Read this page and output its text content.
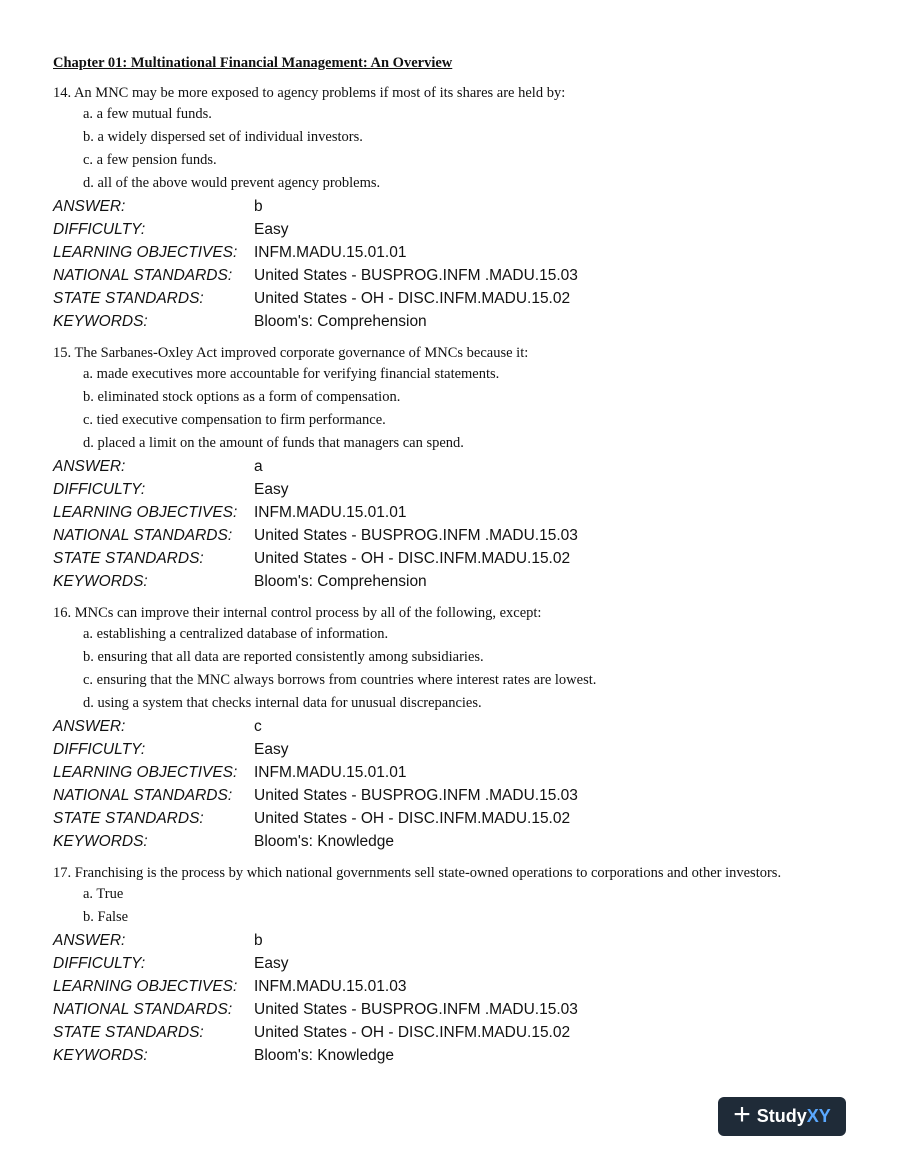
Chapter 01: Multinational Financial Management: An Overview

14. An MNC may be more exposed to agency problems if most of its shares are held by:

a. a few mutual funds.
b. a widely dispersed set of individual investors.
c. a few pension funds.
d. all of the above would prevent agency problems.
ANSWER:	b
DIFFICULTY:	Easy
LEARNING OBJECTIVES:	INFM.MADU.15.01.01
NATIONAL STANDARDS:	United States - BUSPROG.INFM .MADU.15.03
STATE STANDARDS:	United States - OH - DISC.INFM.MADU.15.02
KEYWORDS:	Bloom's: Comprehension

15. The Sarbanes-Oxley Act improved corporate governance of MNCs because it:

a. made executives more accountable for verifying financial statements.
b. eliminated stock options as a form of compensation.
c. tied executive compensation to firm performance.
d. placed a limit on the amount of funds that managers can spend.
ANSWER:	a
DIFFICULTY:	Easy
LEARNING OBJECTIVES:	INFM.MADU.15.01.01
NATIONAL STANDARDS:	United States - BUSPROG.INFM .MADU.15.03
STATE STANDARDS:	United States - OH - DISC.INFM.MADU.15.02
KEYWORDS:	Bloom's: Comprehension

16. MNCs can improve their internal control process by all of the following, except:

a. establishing a centralized database of information.
b. ensuring that all data are reported consistently among subsidiaries.
c. ensuring that the MNC always borrows from countries where interest rates are lowest.
d. using a system that checks internal data for unusual discrepancies.
ANSWER:	c
DIFFICULTY:	Easy
LEARNING OBJECTIVES:	INFM.MADU.15.01.01
NATIONAL STANDARDS:	United States - BUSPROG.INFM .MADU.15.03
STATE STANDARDS:	United States - OH - DISC.INFM.MADU.15.02
KEYWORDS:	Bloom's: Knowledge

17. Franchising is the process by which national governments sell state-owned operations to corporations and other investors.

a. True
b. False
ANSWER:	b
DIFFICULTY:	Easy
LEARNING OBJECTIVES:	INFM.MADU.15.01.03
NATIONAL STANDARDS:	United States - BUSPROG.INFM .MADU.15.03
STATE STANDARDS:	United States - OH - DISC.INFM.MADU.15.02
KEYWORDS:	Bloom's: Knowledge
+ StudyXY
